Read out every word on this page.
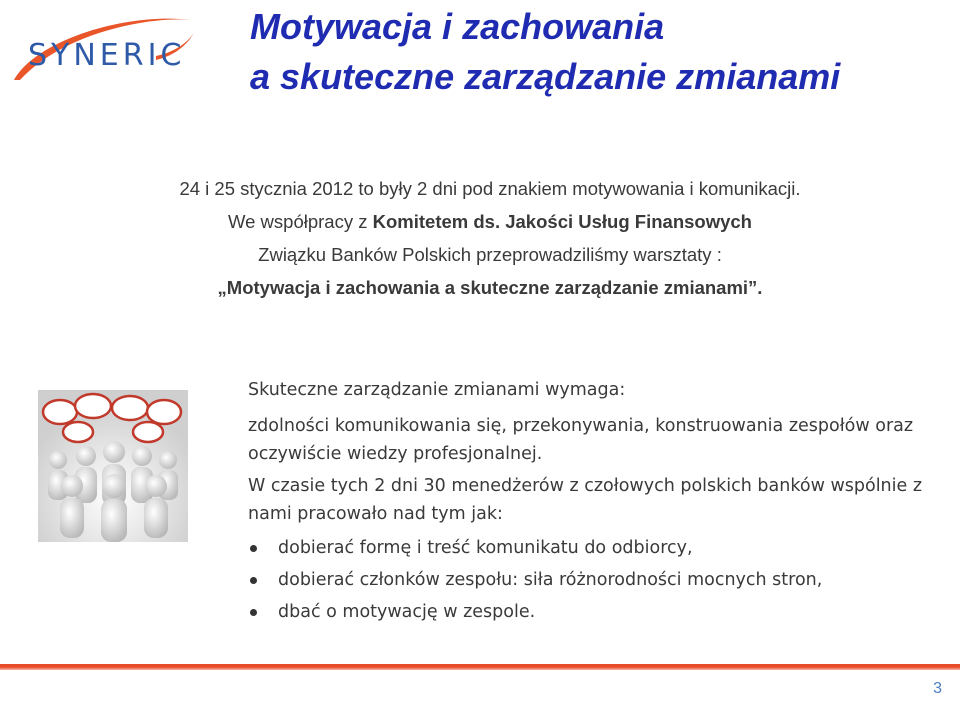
SYNERIC
Motywacja i zachowania
a skuteczne zarządzanie zmianami
24 i 25 stycznia 2012 to były 2 dni pod znakiem motywowania i komunikacji.
We współpracy z Komitetem ds. Jakości Usług Finansowych
Związku Banków Polskich przeprowadziliśmy warsztaty :
„Motywacja i zachowania a skuteczne zarządzanie zmianami”.

Skuteczne zarządzanie zmianami wymaga:

zdolności komunikowania się, przekonywania, konstruowania zespołów oraz oczywiście wiedzy profesjonalnej.

W czasie tych 2 dni 30 menedżerów z czołowych polskich banków wspólnie z nami pracowało nad tym jak:

dobierać formę i treść komunikatu do odbiorcy,
dobierać członków zespołu: siła różnorodności mocnych stron,
dbać o motywację w zespole.
3
